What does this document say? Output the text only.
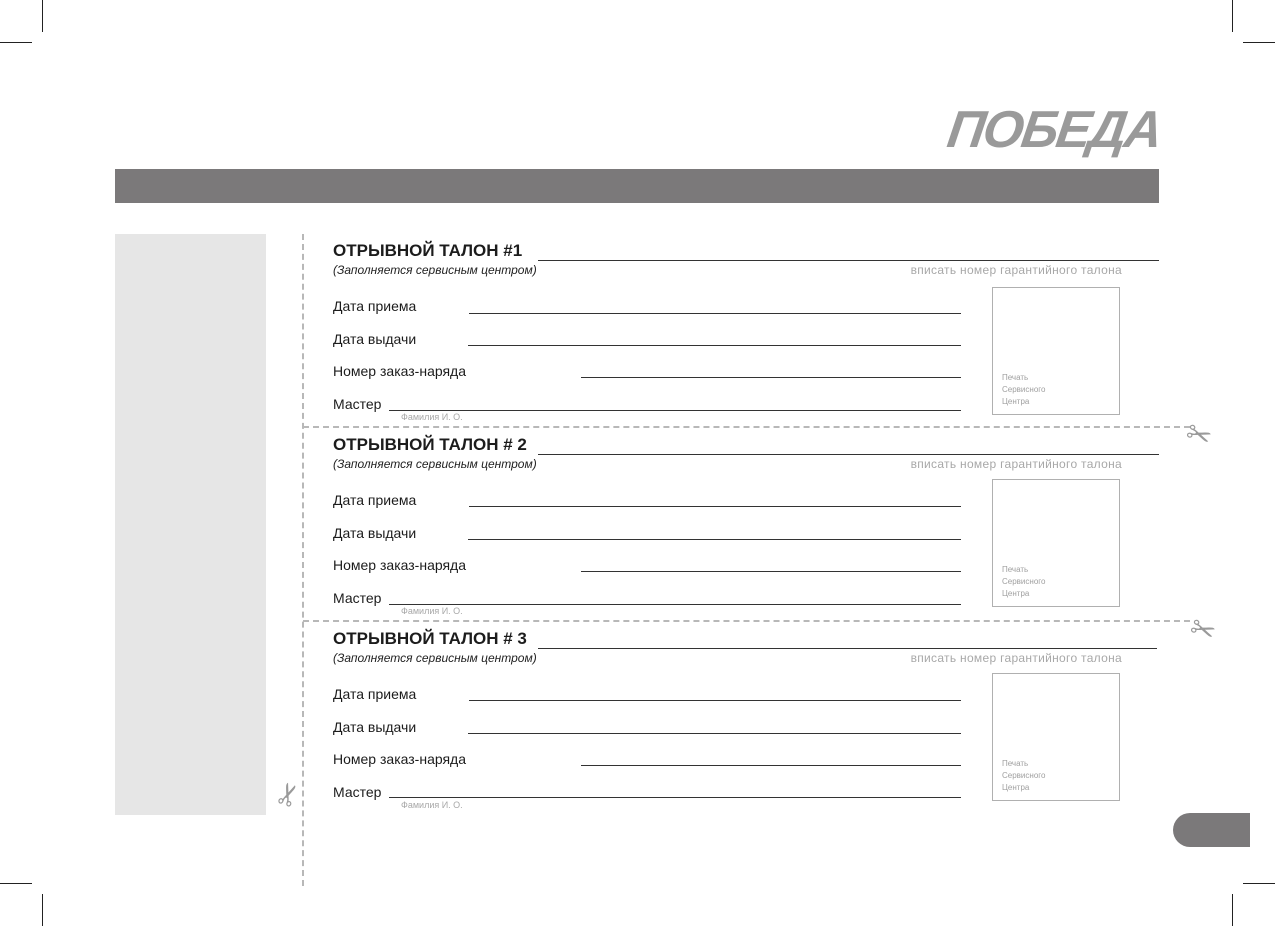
ПОБЕДА
✂
✂
✂
ОТРЫВНОЙ ТАЛОН #1
(Заполняется сервисным центром)	вписать номер гарантийного талона
Дата приема
Дата выдачи
Номер заказ-наряда
Мастер
Фамилия И. О.
Печать
Сервисного
Центра
ОТРЫВНОЙ ТАЛОН # 2
(Заполняется сервисным центром)	вписать номер гарантийного талона
Дата приема
Дата выдачи
Номер заказ-наряда
Мастер
Фамилия И. О.
Печать
Сервисного
Центра
ОТРЫВНОЙ ТАЛОН # 3
(Заполняется сервисным центром)	вписать номер гарантийного талона
Дата приема
Дата выдачи
Номер заказ-наряда
Мастер
Фамилия И. О.
Печать
Сервисного
Центра
